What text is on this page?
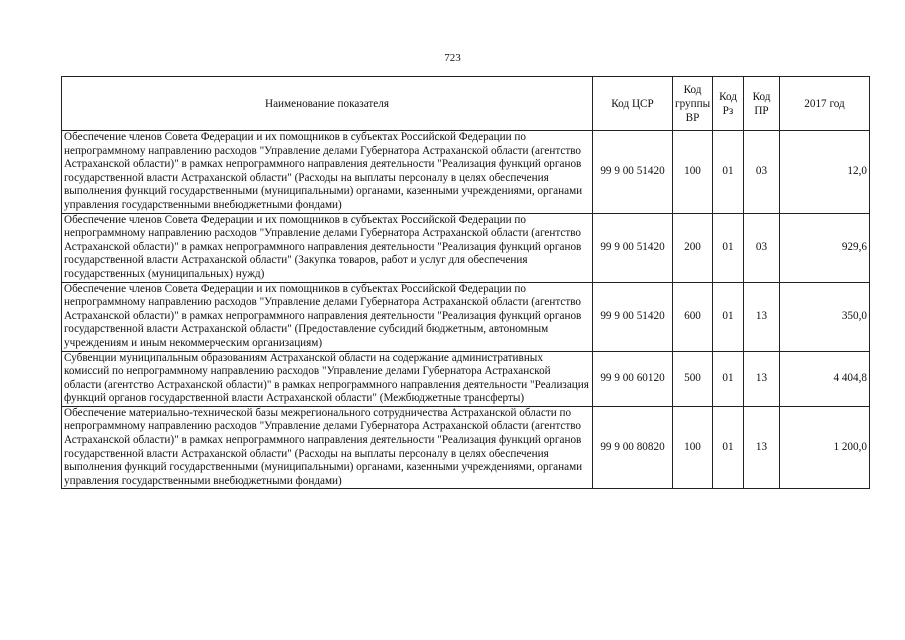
723
Наименование показателя	Код ЦСР	Код группы ВР	Код Рз	Код ПР	2017 год
Обеспечение членов Совета Федерации и их помощников в субъектах Российской Федерации по непрограммному направлению расходов "Управление делами Губернатора Астраханской области (агентство Астраханской области)" в рамках непрограммного направления деятельности "Реализация функций органов государственной власти Астраханской области" (Расходы на выплаты персоналу в целях обеспечения выполнения функций государственными (муниципальными) органами, казенными учреждениями, органами управления государственными внебюджетными фондами)	99 9 00 51420	100	01	03	12,0
Обеспечение членов Совета Федерации и их помощников в субъектах Российской Федерации по непрограммному направлению расходов "Управление делами Губернатора Астраханской области (агентство Астраханской области)" в рамках непрограммного направления деятельности "Реализация функций органов государственной власти Астраханской области" (Закупка товаров, работ и услуг для обеспечения государственных (муниципальных) нужд)	99 9 00 51420	200	01	03	929,6
Обеспечение членов Совета Федерации и их помощников в субъектах Российской Федерации по непрограммному направлению расходов "Управление делами Губернатора Астраханской области (агентство Астраханской области)" в рамках непрограммного направления деятельности "Реализация функций органов государственной власти Астраханской области" (Предоставление субсидий бюджетным, автономным учреждениям и иным некоммерческим организациям)	99 9 00 51420	600	01	13	350,0
Субвенции муниципальным образованиям Астраханской области на содержание административных комиссий по непрограммному направлению расходов "Управление делами Губернатора Астраханской области (агентство Астраханской области)" в рамках непрограммного направления деятельности "Реализация функций органов государственной власти Астраханской области" (Межбюджетные трансферты)	99 9 00 60120	500	01	13	4 404,8
Обеспечение материально-технической базы межрегионального сотрудничества Астраханской области по непрограммному направлению расходов "Управление делами Губернатора Астраханской области (агентство Астраханской области)" в рамках непрограммного направления деятельности "Реализация функций органов государственной власти Астраханской области" (Расходы на выплаты персоналу в целях обеспечения выполнения функций государственными (муниципальными) органами, казенными учреждениями, органами управления государственными внебюджетными фондами)	99 9 00 80820	100	01	13	1 200,0
